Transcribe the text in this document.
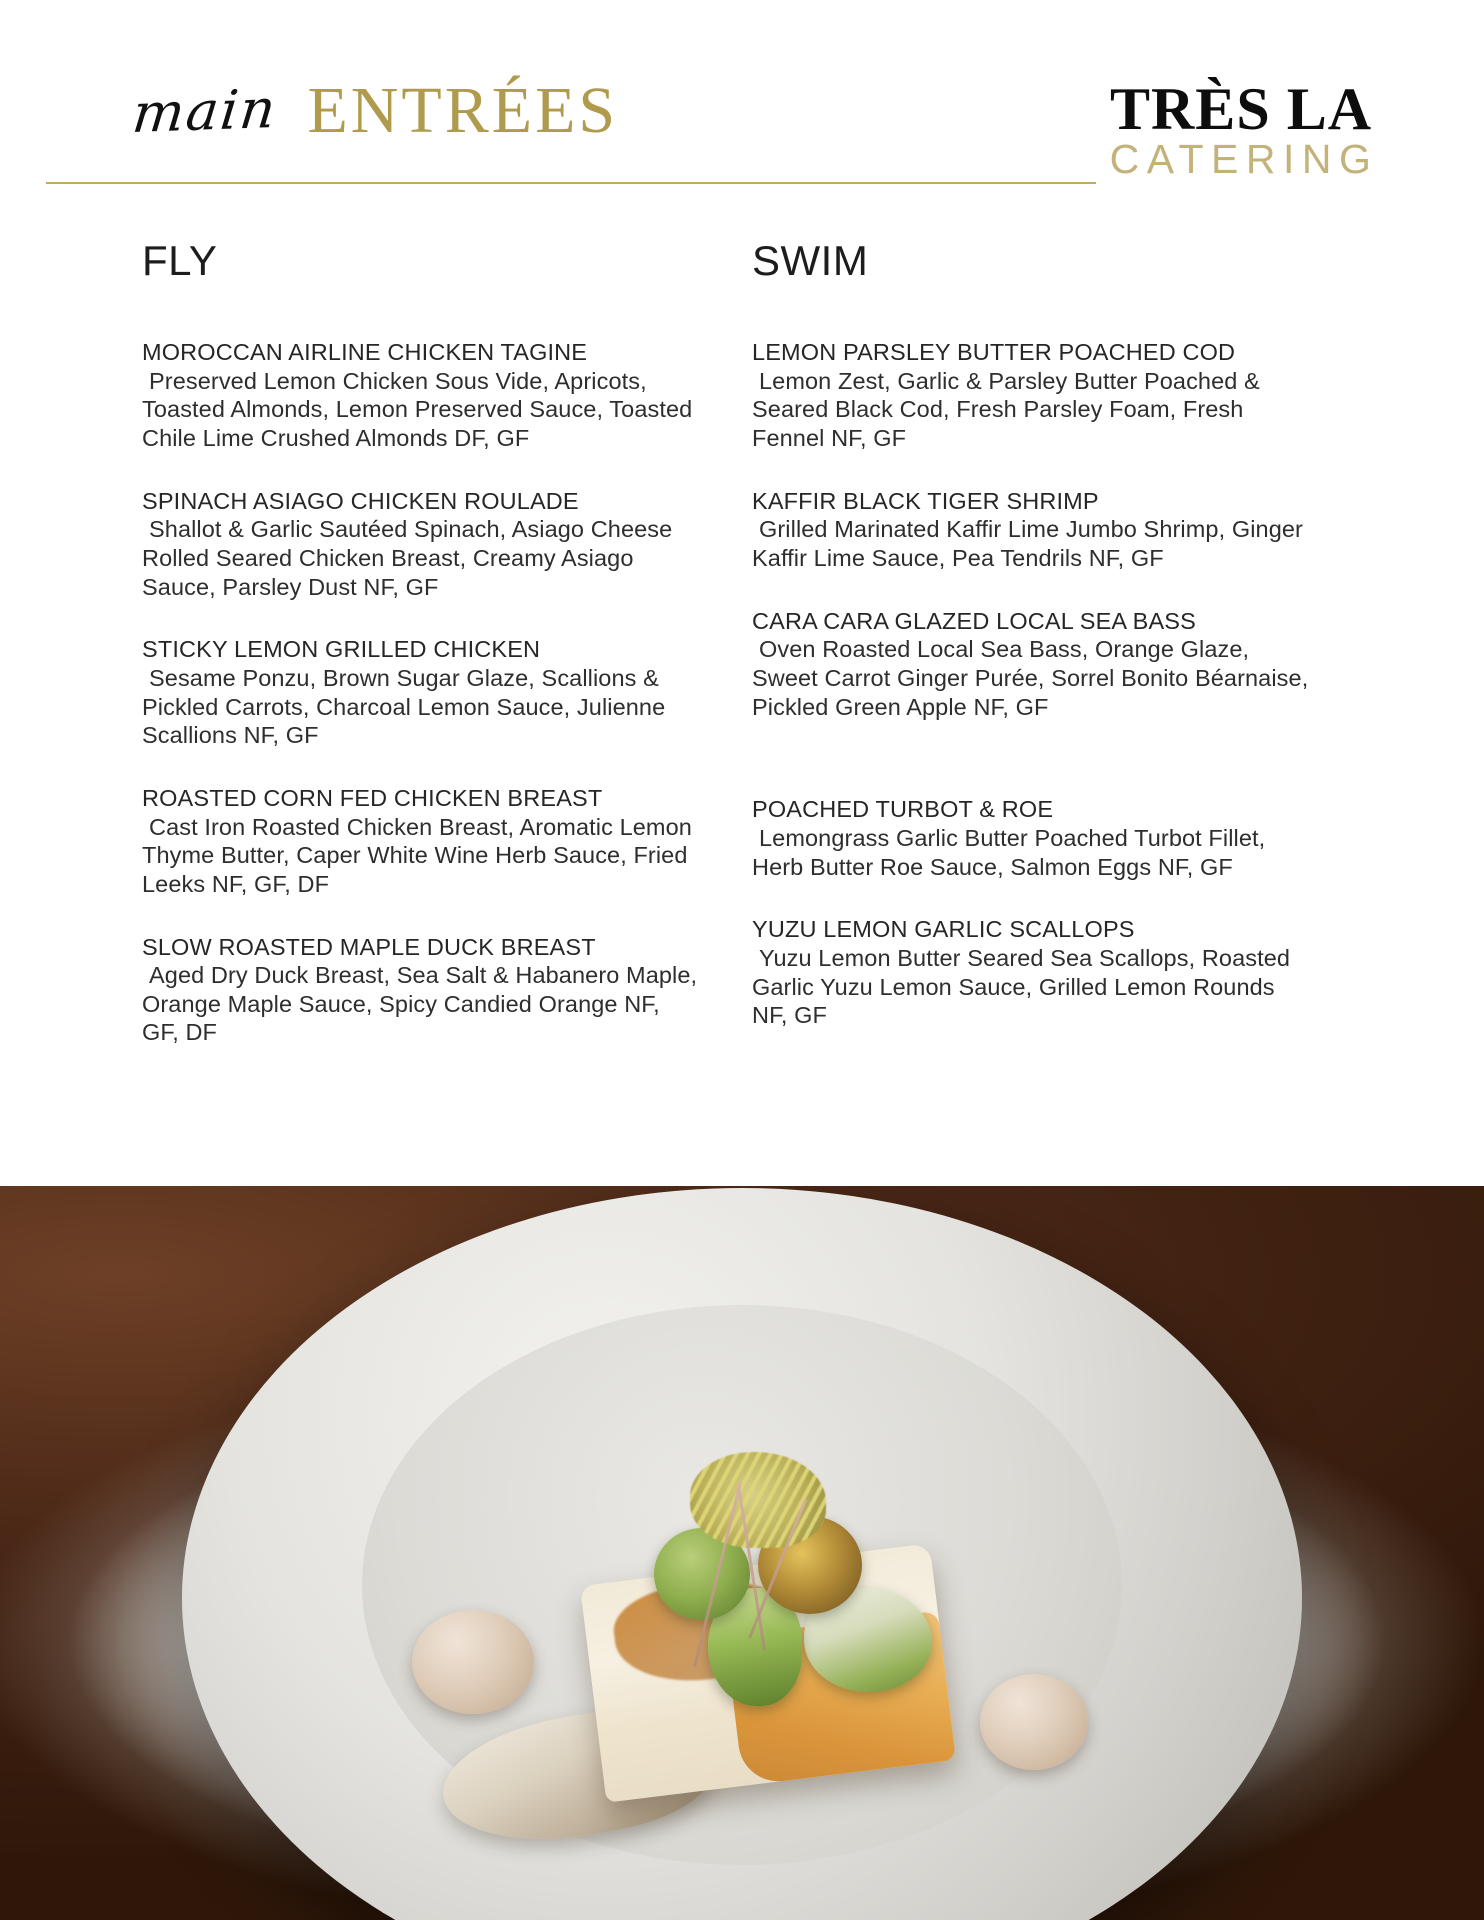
main ENTRÉES	TRÈS LA
CATERING
FLY

MOROCCAN AIRLINE CHICKEN TAGINE

Preserved Lemon Chicken Sous Vide, Apricots, Toasted Almonds, Lemon Preserved Sauce, Toasted Chile Lime Crushed Almonds DF, GF

SPINACH ASIAGO CHICKEN ROULADE

Shallot & Garlic Sautéed Spinach, Asiago Cheese Rolled Seared Chicken Breast, Creamy Asiago Sauce, Parsley Dust NF, GF

STICKY LEMON GRILLED CHICKEN

Sesame Ponzu, Brown Sugar Glaze, Scallions & Pickled Carrots, Charcoal Lemon Sauce, Julienne Scallions NF, GF

ROASTED CORN FED CHICKEN BREAST

Cast Iron Roasted Chicken Breast, Aromatic Lemon Thyme Butter, Caper White Wine Herb Sauce, Fried Leeks NF, GF, DF

SLOW ROASTED MAPLE DUCK BREAST

Aged Dry Duck Breast, Sea Salt & Habanero Maple, Orange Maple Sauce, Spicy Candied Orange NF, GF, DF

SWIM

LEMON PARSLEY BUTTER POACHED COD

Lemon Zest, Garlic & Parsley Butter Poached & Seared Black Cod, Fresh Parsley Foam, Fresh Fennel NF, GF

KAFFIR BLACK TIGER SHRIMP

Grilled Marinated Kaffir Lime Jumbo Shrimp, Ginger Kaffir Lime Sauce, Pea Tendrils NF, GF

CARA CARA GLAZED LOCAL SEA BASS

Oven Roasted Local Sea Bass, Orange Glaze, Sweet Carrot Ginger Purée, Sorrel Bonito Béarnaise, Pickled Green Apple NF, GF

POACHED TURBOT & ROE

Lemongrass Garlic Butter Poached Turbot Fillet, Herb Butter Roe Sauce, Salmon Eggs NF, GF

YUZU LEMON GARLIC SCALLOPS

Yuzu Lemon Butter Seared Sea Scallops, Roasted Garlic Yuzu Lemon Sauce, Grilled Lemon Rounds NF, GF
